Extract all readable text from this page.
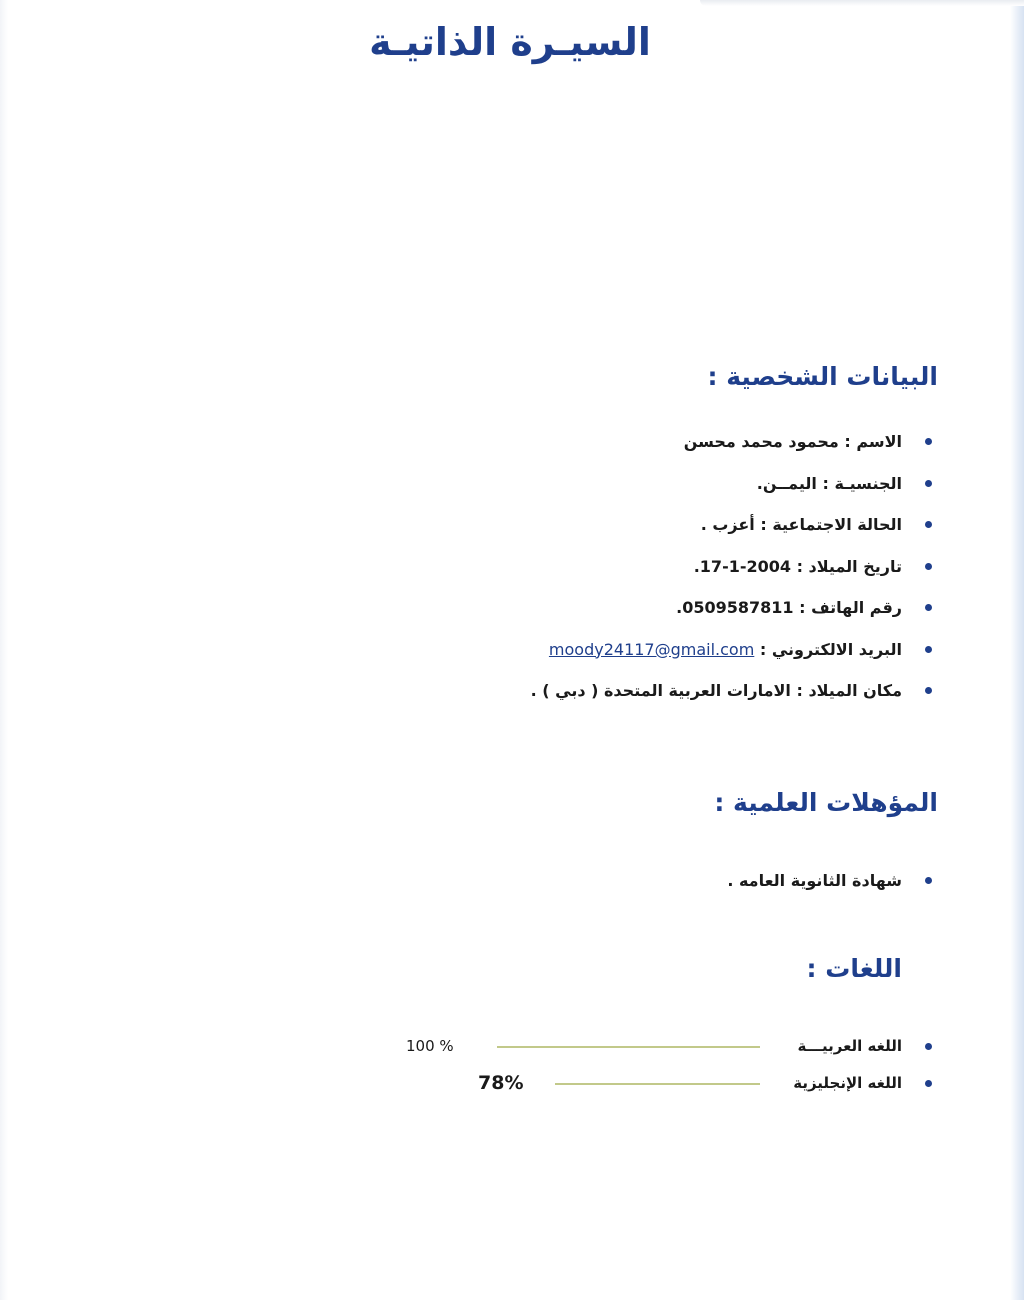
السيـرة الذاتيـة
البيانات الشخصية :
الاسم : محمود محمد محسن
الجنسيـة : اليمــن.
الحالة الاجتماعية : أعزب .
تاريخ الميلاد : 2004-1-17.
رقم الهاتف : 0509587811.
البريد الالكتروني : moody24117@gmail.com
مكان الميلاد : الامارات العربية المتحدة ( دبي ) .
المؤهلات العلمية :
شهادة الثانوية العامه .
اللغات :
اللغه العربيـــة
100 %
اللغه الإنجليزية
78%
